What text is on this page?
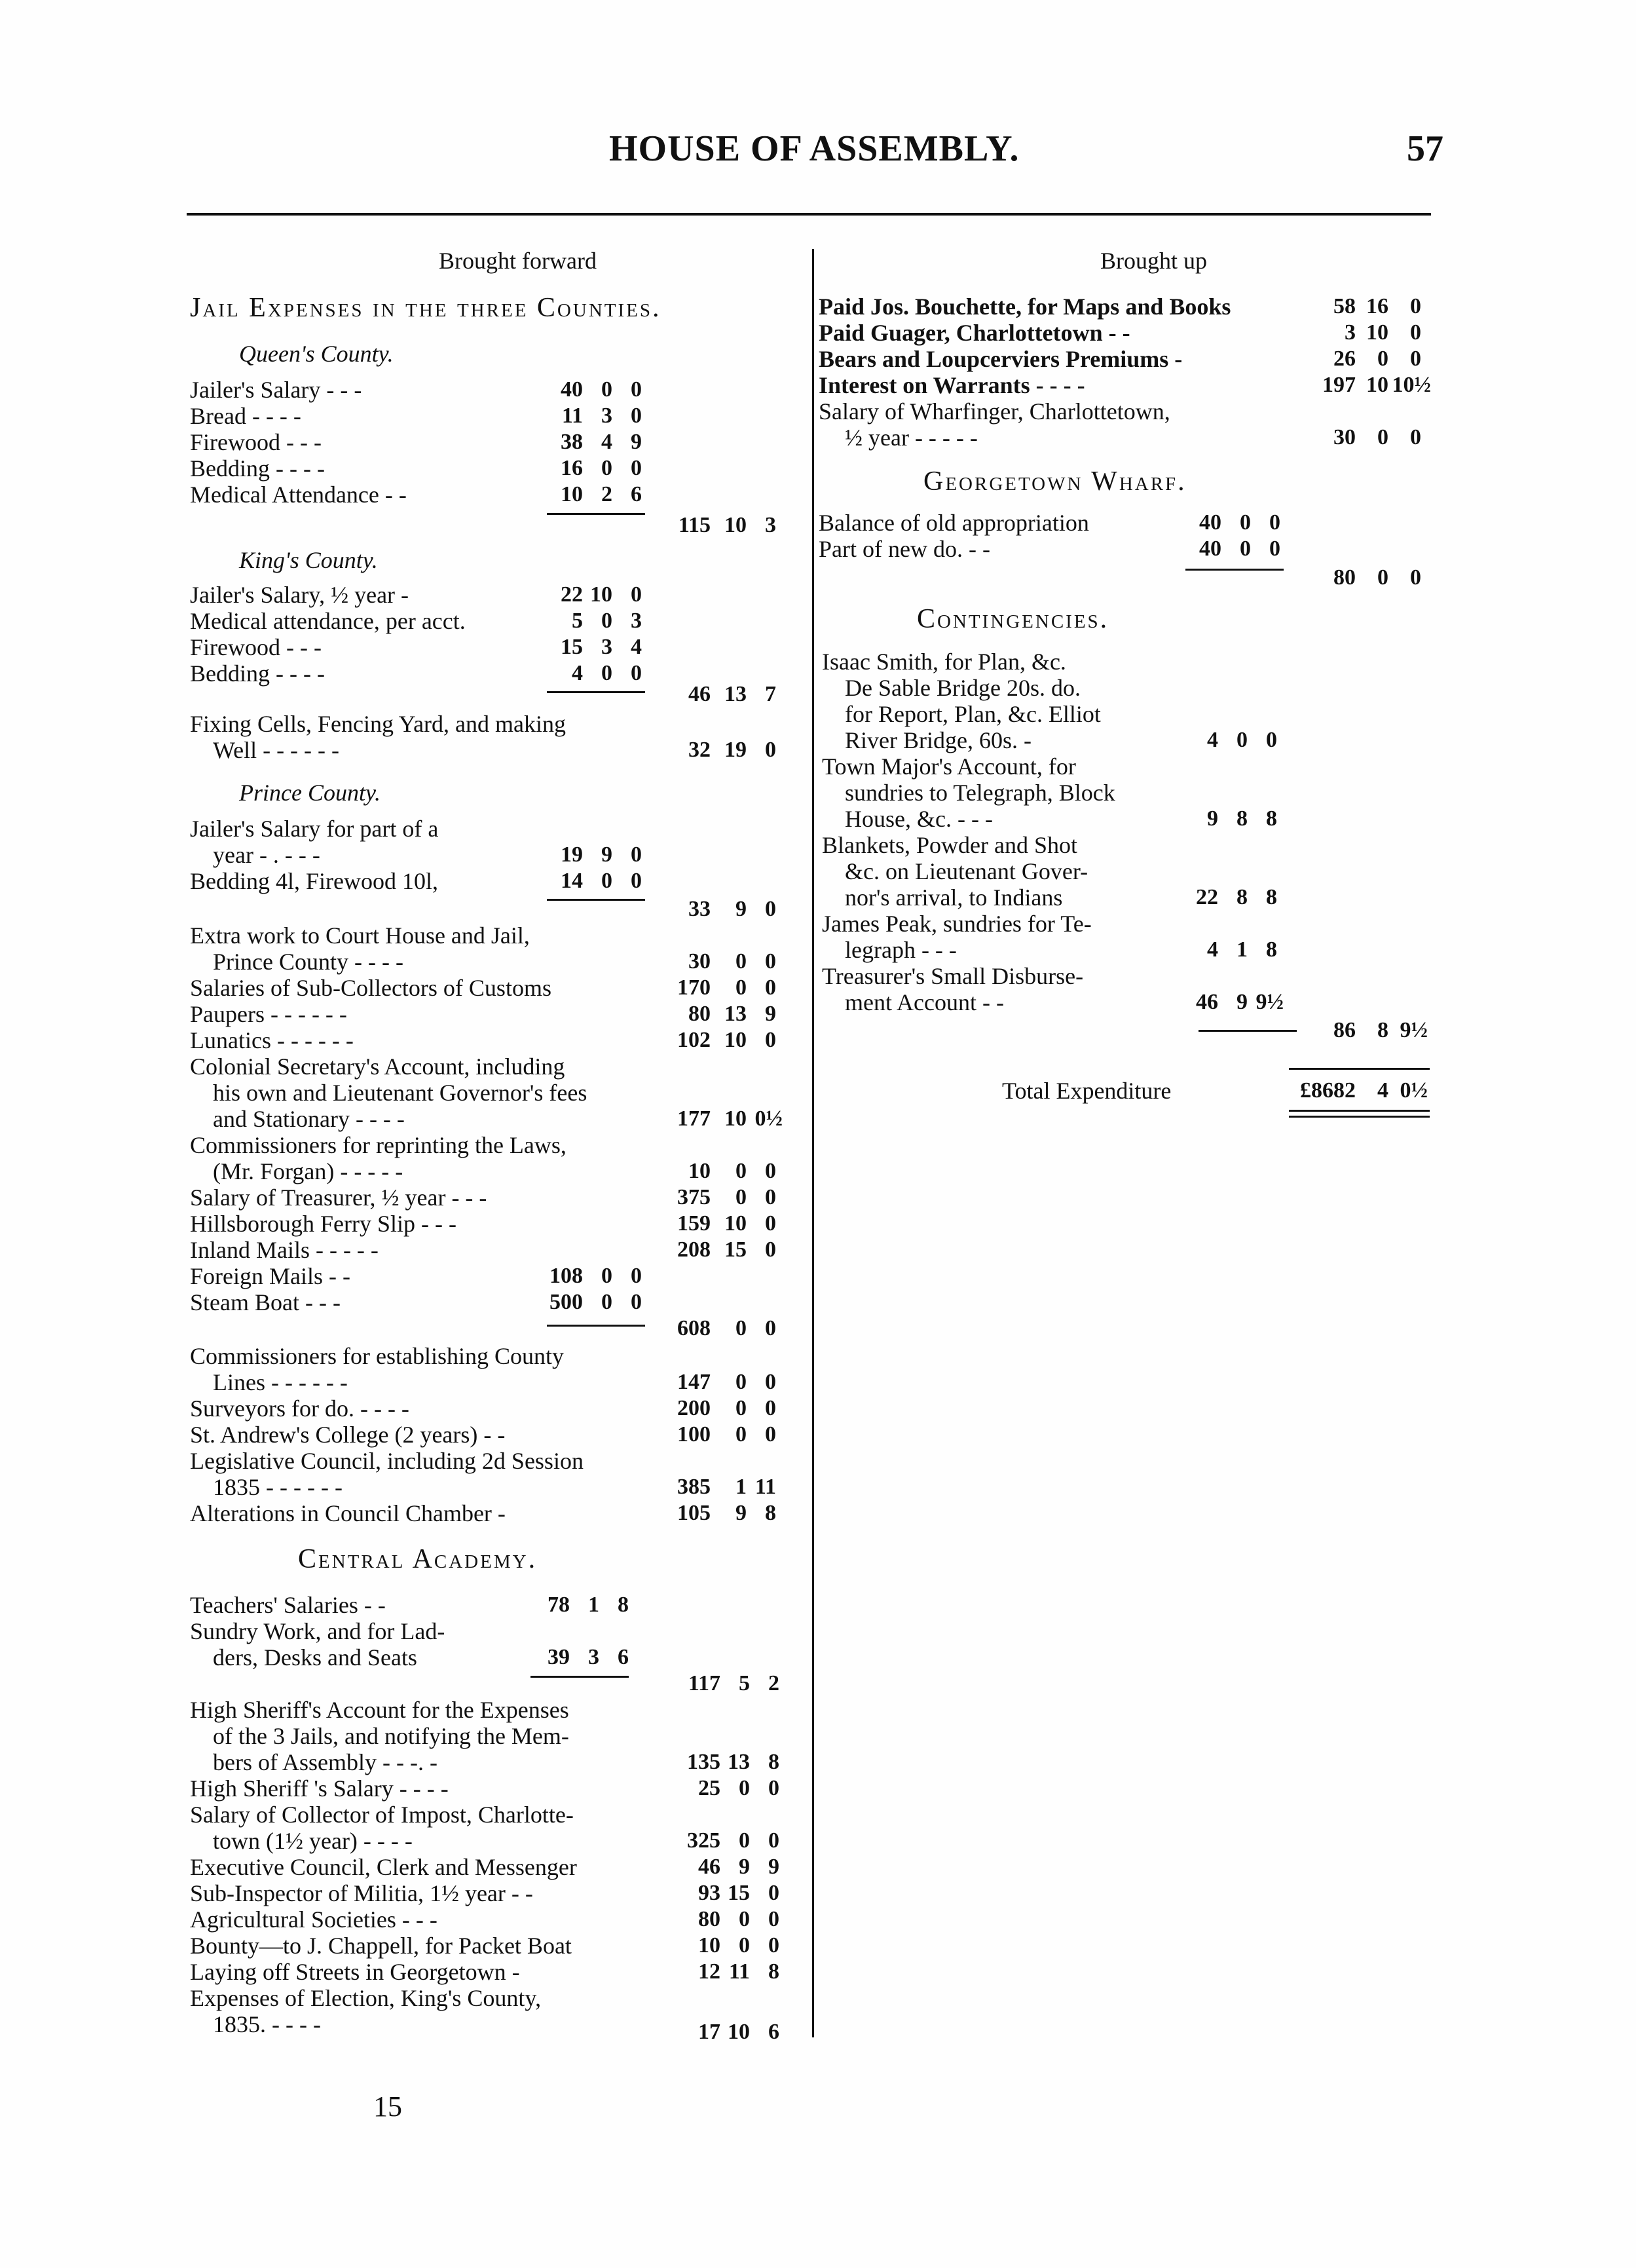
HOUSE OF ASSEMBLY.	57
Brought forward
Jail Expenses in the three Counties.
Queen's County.
Jailer's Salary - - -	40 0 0
Bread - - - -	11 3 0
Firewood - - -	38 4 9
Bedding - - - -	16 0 0
Medical Attendance - -	10 2 6
115 10 3
King's County.
Jailer's Salary, ½ year -	22 10 0
Medical attendance, per acct.	5 0 3
Firewood - - -	15 3 4
Bedding - - - -	4 0 0
46 13 7
Fixing Cells, Fencing Yard, and making
Well - - - - - -	32 19 0
Prince County.
Jailer's Salary for part of a
year - . - - -	19 9 0
Bedding 4l, Firewood 10l,	14 0 0
33	9 0
Extra work to Court House and Jail,
Prince County - - - -	30	0 0
Salaries of Sub-Collectors of Customs	170	0 0
Paupers - - - - - -	80 13 9
Lunatics - - - - - -	102 10 0
Colonial Secretary's Account, including
his own and Lieutenant Governor's fees
and Stationary - - - -	177 10 0½
Commissioners for reprinting the Laws,
(Mr. Forgan) - - - - -	10	0 0
Salary of Treasurer, ½ year - - -	375	0 0
Hillsborough Ferry Slip - - -	159 10 0
Inland Mails - - - - -	208 15 0
Foreign Mails - -	108 0 0
Steam Boat - - -	500 0 0
608	0 0
Commissioners for establishing County
Lines - - - - - -	147	0 0
Surveyors for do. - - - -	200	0 0
St. Andrew's College (2 years) - -	100	0 0
Legislative Council, including 2d Session
1835 - - - - - -	385	1 11
Alterations in Council Chamber -	105	9 8
Central Academy.
Teachers' Salaries - -	78 1 8
Sundry Work, and for Lad-
ders, Desks and Seats	39 3 6
117 5 2
High Sheriff's Account for the Expenses
of the 3 Jails, and notifying the Mem-
bers of Assembly - - -. -	135 13 8
High Sheriff 's Salary - - - -	25 0 0
Salary of Collector of Impost, Charlotte-
town (1½ year) - - - -	325 0 0
Executive Council, Clerk and Messenger	46 9 9
Sub-Inspector of Militia, 1½ year - -	93 15 0
Agricultural Societies - - -	80 0 0
Bounty—to J. Chappell, for Packet Boat	10 0 0
Laying off Streets in Georgetown -	12 11 8
Expenses of Election, King's County,
1835. - - - -	17 10 6
15
Brought up
Paid Jos. Bouchette, for Maps and Books	58 16 0
Paid Guager, Charlottetown - -	3 10 0
Bears and Loupcerviers Premiums -	26 0 0
Interest on Warrants - - - -	197 10 10½
Salary of Wharfinger, Charlottetown,
½ year - - - - -	30 0 0
Georgetown Wharf.
Balance of old appropriation	40 0 0
Part of new do. - -	40 0 0
80 0 0
Contingencies.
Isaac Smith, for Plan, &c.
De Sable Bridge 20s. do.
for Report, Plan, &c. Elliot
River Bridge, 60s. -	4 0 0
Town Major's Account, for
sundries to Telegraph, Block
House, &c. - - -	9 8 8
Blankets, Powder and Shot
&c. on Lieutenant Gover-
nor's arrival, to Indians	22 8 8
James Peak, sundries for Te-
legraph - - -	4 1 8
Treasurer's Small Disburse-
ment Account - -	46 9 9½
86 8 9½
Total Expenditure	£8682 4 0½
